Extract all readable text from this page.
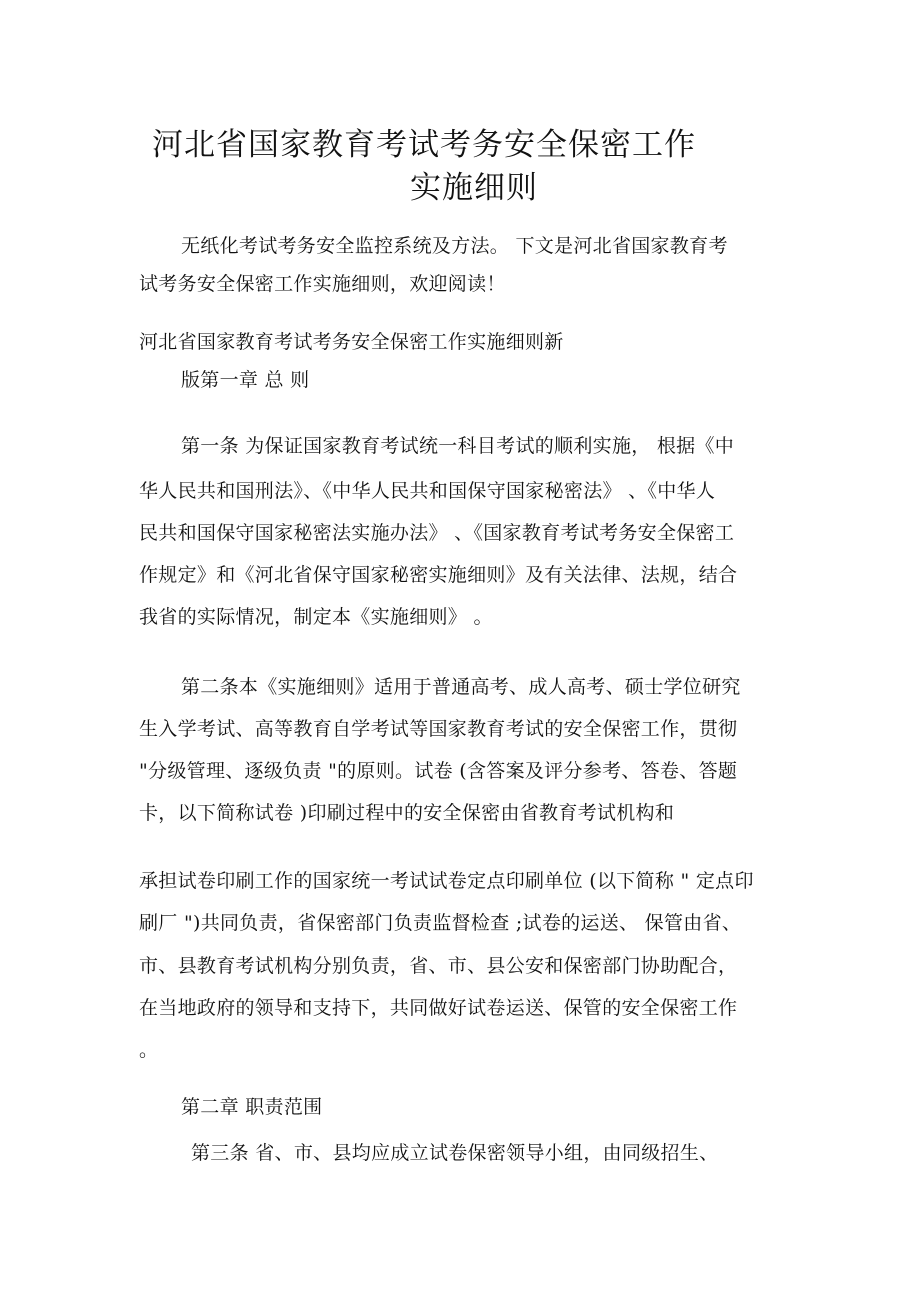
河北省国家教育考试考务安全保密工作
实施细则
无纸化考试考务安全监控系统及方法。 下文是河北省国家教育考
试考务安全保密工作实施细则，欢迎阅读！
河北省国家教育考试考务安全保密工作实施细则新
版第一章 总 则
第一条 为保证国家教育考试统一科目考试的顺利实施， 根据《中
华人民共和国刑法》、《中华人民共和国保守国家秘密法》 、《中华人
民共和国保守国家秘密法实施办法》 、《国家教育考试考务安全保密工
作规定》和《河北省保守国家秘密实施细则》及有关法律、法规，结合
我省的实际情况，制定本《实施细则》 。
第二条本《实施细则》适用于普通高考、成人高考、硕士学位研究
生入学考试、高等教育自学考试等国家教育考试的安全保密工作，贯彻
"分级管理、逐级负责 "的原则。试卷 (含答案及评分参考、答卷、答题
卡，以下简称试卷 )印刷过程中的安全保密由省教育考试机构和
承担试卷印刷工作的国家统一考试试卷定点印刷单位 (以下简称 " 定点印
刷厂 ")共同负责，省保密部门负责监督检查 ;试卷的运送、 保管由省、
市、县教育考试机构分别负责，省、市、县公安和保密部门协助配合，
在当地政府的领导和支持下，共同做好试卷运送、保管的安全保密工作
。
第二章 职责范围
第三条 省、市、县均应成立试卷保密领导小组，由同级招生、
